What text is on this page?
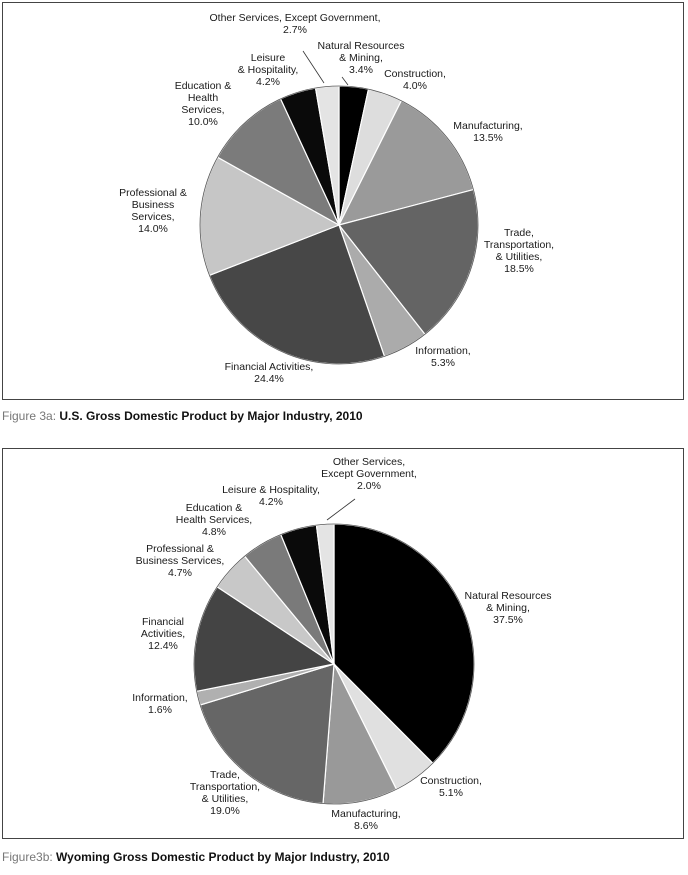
Natural Resources & Mining, 3.4%	Construction, 4.0%
Manufacturing, 13.5%
Trade, Transportation, & Utilities, 18.5%
Information, 5.3%
Financial Activities, 24.4%
Professional & Business Services, 14.0%
Education & Health Services, 10.0%
Leisure & Hospitality, 4.2%
Other Services, Except Government, 2.7%
Figure 3a: U.S. Gross Domestic Product by Major Industry, 2010
Natural Resources & Mining, 37.5%
Construction, 5.1%
Manufacturing, 8.6%
Trade, Transportation, & Utilities, 19.0%
Information, 1.6%
Financial Activities, 12.4%
Professional & Business Services, 4.7%
Education & Health Services, 4.8%
Leisure & Hospitality, 4.2%
Other Services, Except Government, 2.0%
Figure3b: Wyoming Gross Domestic Product by Major Industry, 2010
